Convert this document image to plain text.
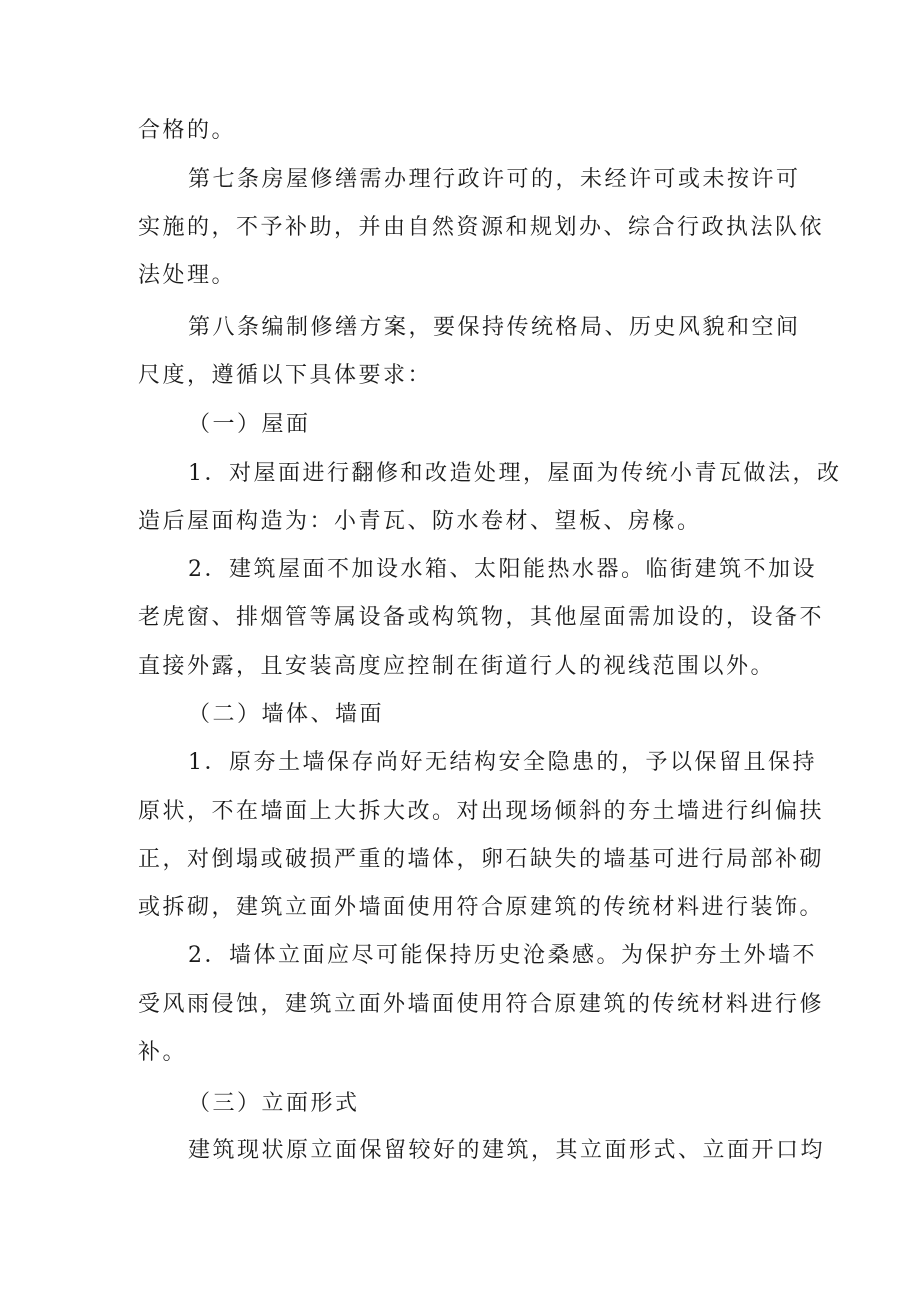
合格的。
第七条房屋修缮需办理行政许可的，未经许可或未按许可
实施的，不予补助，并由自然资源和规划办、综合行政执法队依
法处理。
第八条编制修缮方案，要保持传统格局、历史风貌和空间
尺度，遵循以下具体要求：
（一）屋面
1．对屋面进行翻修和改造处理，屋面为传统小青瓦做法，改
造后屋面构造为：小青瓦、防水卷材、望板、房椽。
2．建筑屋面不加设水箱、太阳能热水器。临街建筑不加设
老虎窗、排烟管等属设备或构筑物，其他屋面需加设的，设备不
直接外露，且安装高度应控制在街道行人的视线范围以外。
（二）墙体、墙面
1．原夯土墙保存尚好无结构安全隐患的，予以保留且保持
原状，不在墙面上大拆大改。对出现场倾斜的夯土墙进行纠偏扶
正，对倒塌或破损严重的墙体，卵石缺失的墙基可进行局部补砌
或拆砌，建筑立面外墙面使用符合原建筑的传统材料进行装饰。
2．墙体立面应尽可能保持历史沧桑感。为保护夯土外墙不
受风雨侵蚀，建筑立面外墙面使用符合原建筑的传统材料进行修
补。
（三）立面形式
建筑现状原立面保留较好的建筑，其立面形式、立面开口均
